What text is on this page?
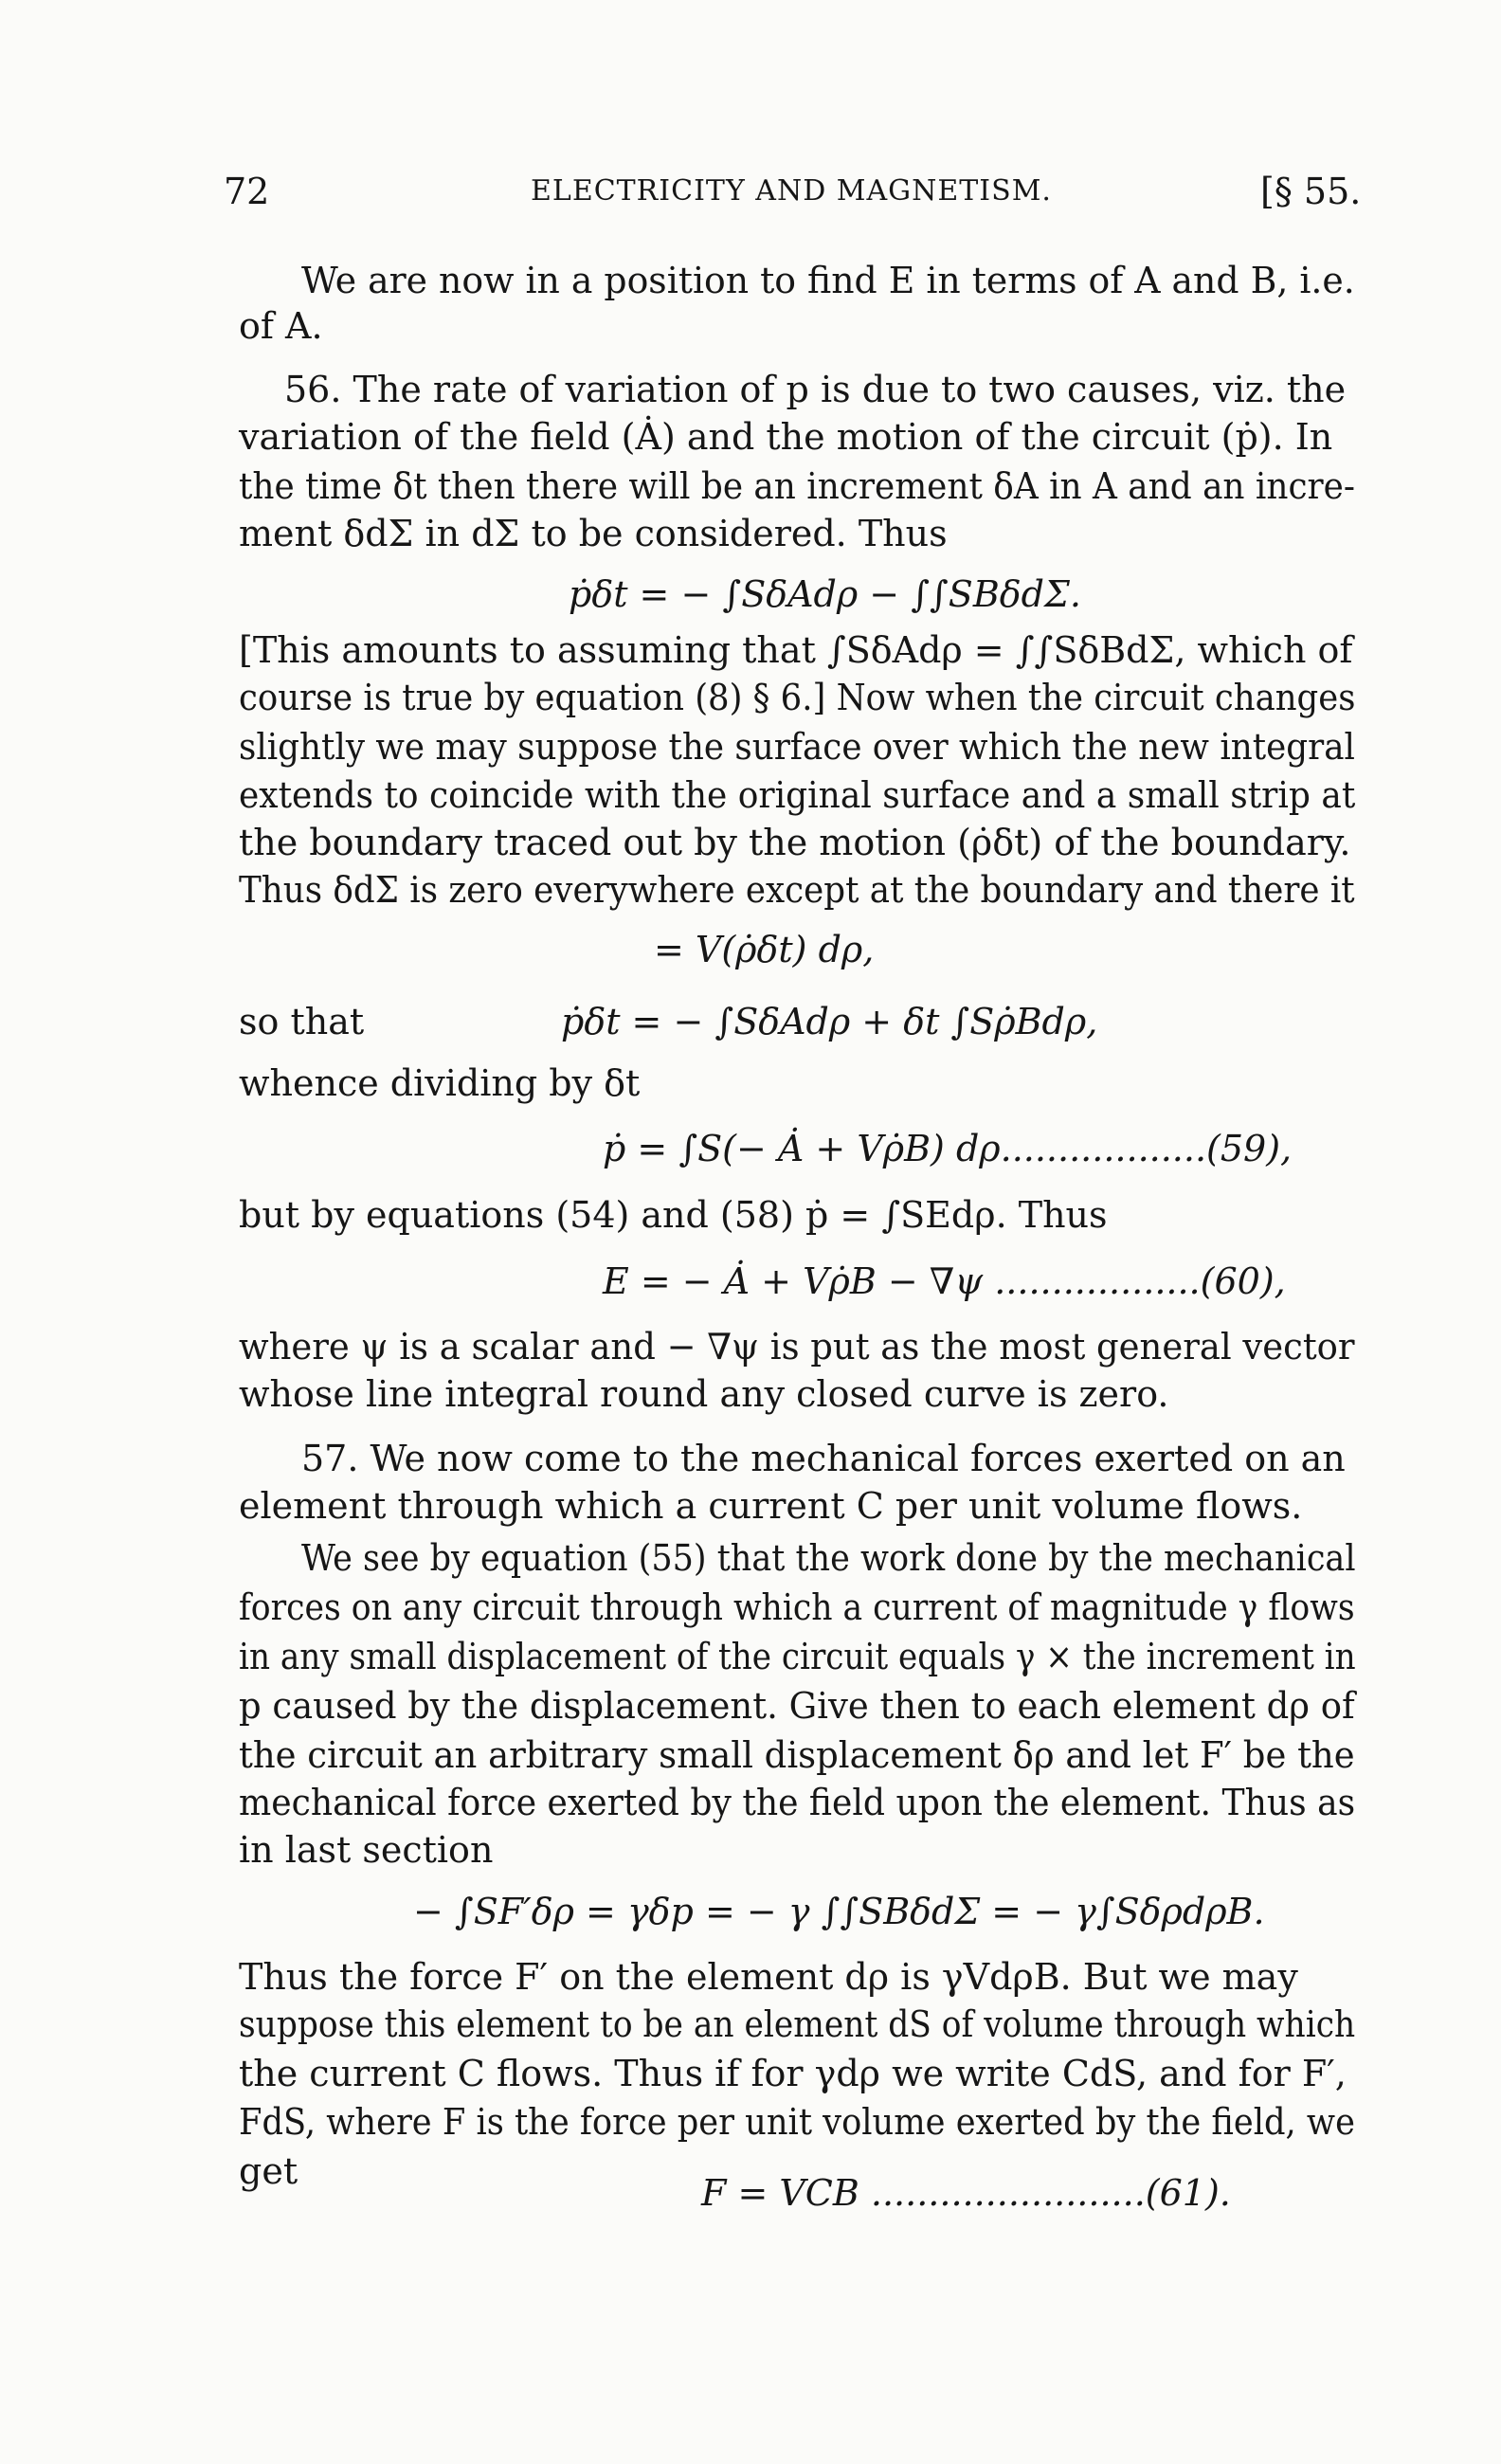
72	ELECTRICITY AND MAGNETISM.	[§ 55.
We are now in a position to find E in terms of A and B, i.e.
of A.
56. The rate of variation of p is due to two causes, viz. the
variation of the field (Ȧ) and the motion of the circuit (ṗ). In
the time δt then there will be an increment δA in A and an incre-
ment δdΣ in dΣ to be considered. Thus
ṗδt = − ∫SδAdρ − ∫∫SBδdΣ.
[This amounts to assuming that ∫SδAdρ = ∫∫SδBdΣ, which of
course is true by equation (8) § 6.] Now when the circuit changes
slightly we may suppose the surface over which the new integral
extends to coincide with the original surface and a small strip at
the boundary traced out by the motion (ρ̇δt) of the boundary.
Thus δdΣ is zero everywhere except at the boundary and there it
= V(ρ̇δt) dρ,
so that	ṗδt = − ∫SδAdρ + δt ∫Sρ̇Bdρ,
whence dividing by δt
ṗ = ∫S(− Ȧ + Vρ̇B) dρ..................(59),
but by equations (54) and (58) ṗ = ∫SEdρ. Thus
E = − Ȧ + Vρ̇B − ∇ψ ..................(60),
where ψ is a scalar and − ∇ψ is put as the most general vector
whose line integral round any closed curve is zero.
57. We now come to the mechanical forces exerted on an
element through which a current C per unit volume flows.
We see by equation (55) that the work done by the mechanical
forces on any circuit through which a current of magnitude γ flows
in any small displacement of the circuit equals γ × the increment in
p caused by the displacement. Give then to each element dρ of
the circuit an arbitrary small displacement δρ and let F′ be the
mechanical force exerted by the field upon the element. Thus as
in last section
− ∫SF′δρ = γδp = − γ ∫∫SBδdΣ = − γ∫SδρdρB.
Thus the force F′ on the element dρ is γVdρB. But we may
suppose this element to be an element dS of volume through which
the current C flows. Thus if for γdρ we write CdS, and for F′,
FdS, where F is the force per unit volume exerted by the field, we
get
F = VCB ........................(61).
